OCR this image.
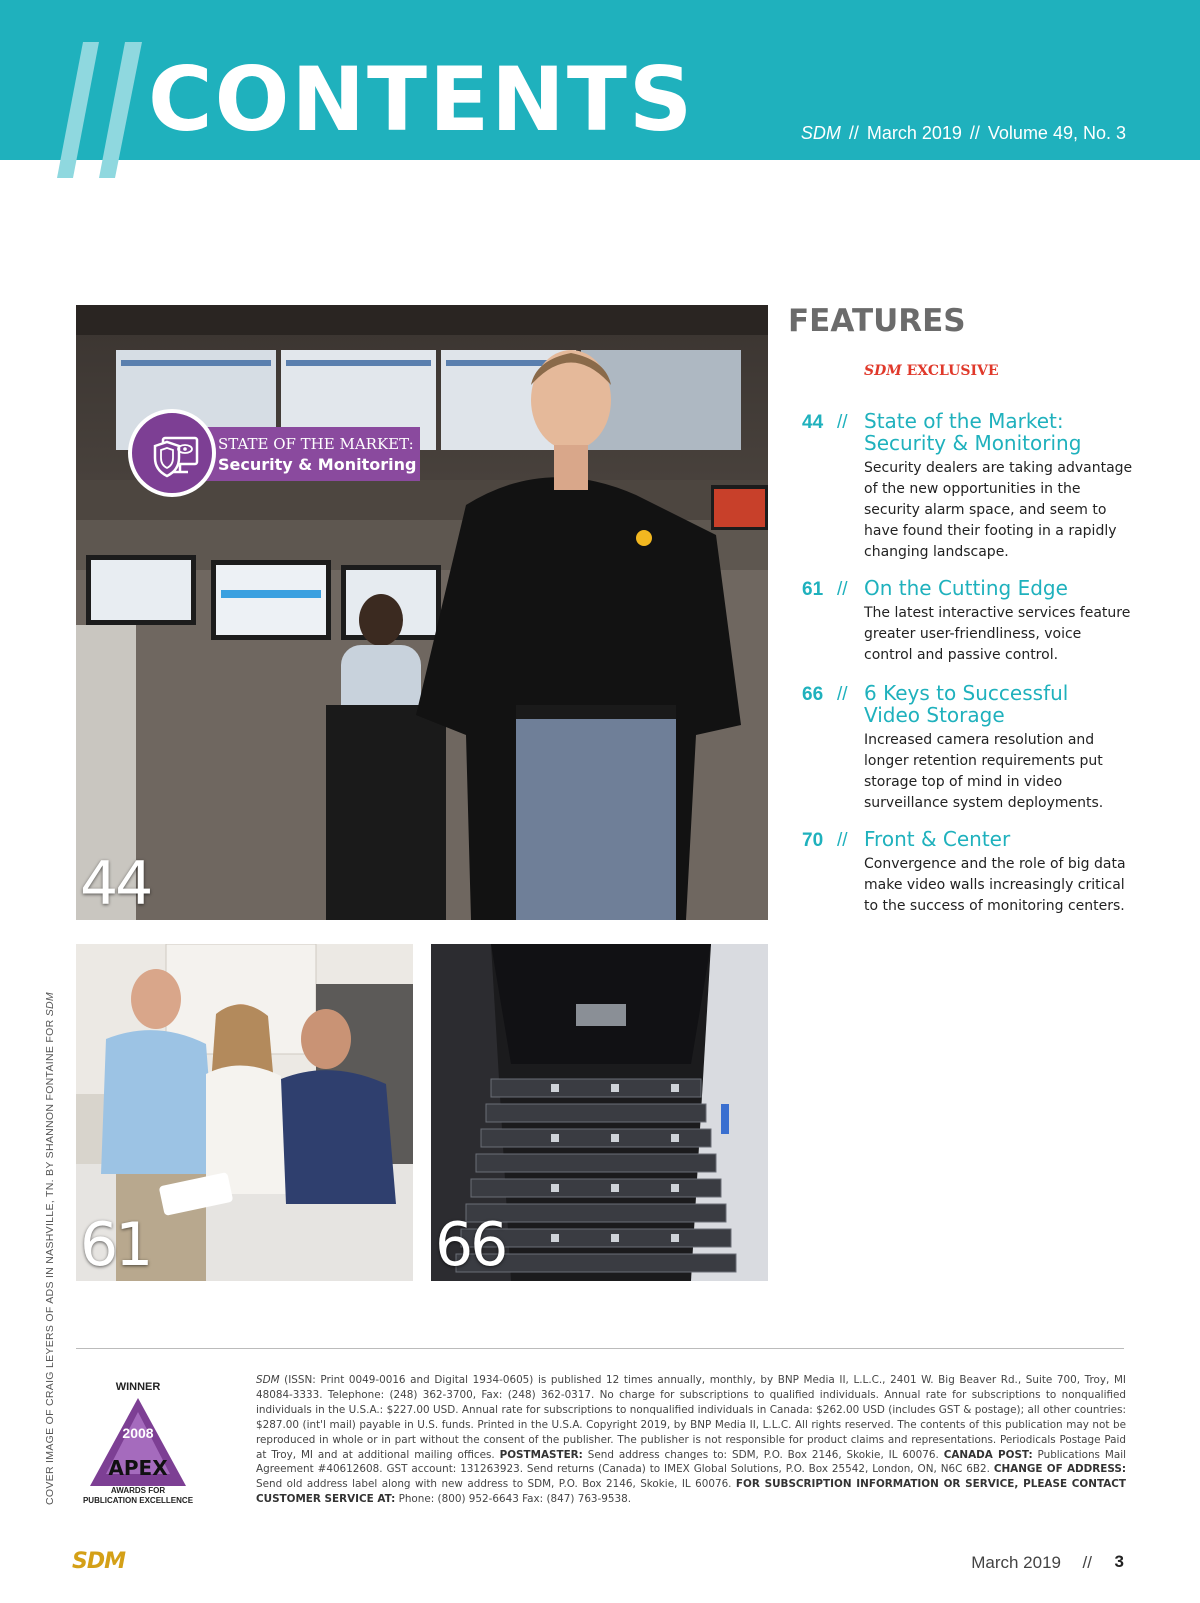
CONTENTS	SDM // March 2019 // Volume 49, No. 3
STATE OF THE MARKET:
Security & Monitoring
44
61	66
FEATURES
SDM EXCLUSIVE
44 // State of the Market: Security & Monitoring
Security dealers are taking advantage of the new opportunities in the security alarm space, and seem to have found their footing in a rapidly changing landscape.
61 // On the Cutting Edge
The latest interactive services feature greater user-friendliness, voice control and passive control.
66 // 6 Keys to Successful Video Storage
Increased camera resolution and longer retention requirements put storage top of mind in video surveillance system deployments.
70 // Front & Center
Convergence and the role of big data make video walls increasingly critical to the success of monitoring centers.
COVER IMAGE OF CRAIG LEYERS OF ADS IN NASHVILLE, TN. BY SHANNON FONTAINE FOR SDM
WINNER
2008
APEX
AWARDS FOR
PUBLICATION EXCELLENCE

SDM (ISSN: Print 0049-0016 and Digital 1934-0605) is published 12 times annually, monthly, by BNP Media II, L.L.C., 2401 W. Big Beaver Rd., Suite 700, Troy, MI 48084-3333. Telephone: (248) 362-3700, Fax: (248) 362-0317. No charge for subscriptions to qualified individuals. Annual rate for subscriptions to nonqualified individuals in the U.S.A.: $227.00 USD. Annual rate for subscriptions to nonqualified individuals in Canada: $262.00 USD (includes GST & postage); all other countries: $287.00 (int'l mail) payable in U.S. funds. Printed in the U.S.A. Copyright 2019, by BNP Media II, L.L.C. All rights reserved. The contents of this publication may not be reproduced in whole or in part without the consent of the publisher. The publisher is not responsible for product claims and representations. Periodicals Postage Paid at Troy, MI and at additional mailing offices. POSTMASTER: Send address changes to: SDM, P.O. Box 2146, Skokie, IL 60076. CANADA POST: Publications Mail Agreement #40612608. GST account: 131263923. Send returns (Canada) to IMEX Global Solutions, P.O. Box 25542, London, ON, N6C 6B2. CHANGE OF ADDRESS: Send old address label along with new address to SDM, P.O. Box 2146, Skokie, IL 60076. FOR SUBSCRIPTION INFORMATION OR SERVICE, PLEASE CONTACT CUSTOMER SERVICE AT: Phone: (800) 952-6643 Fax: (847) 763-9538.

SDM	March 2019 // 3
